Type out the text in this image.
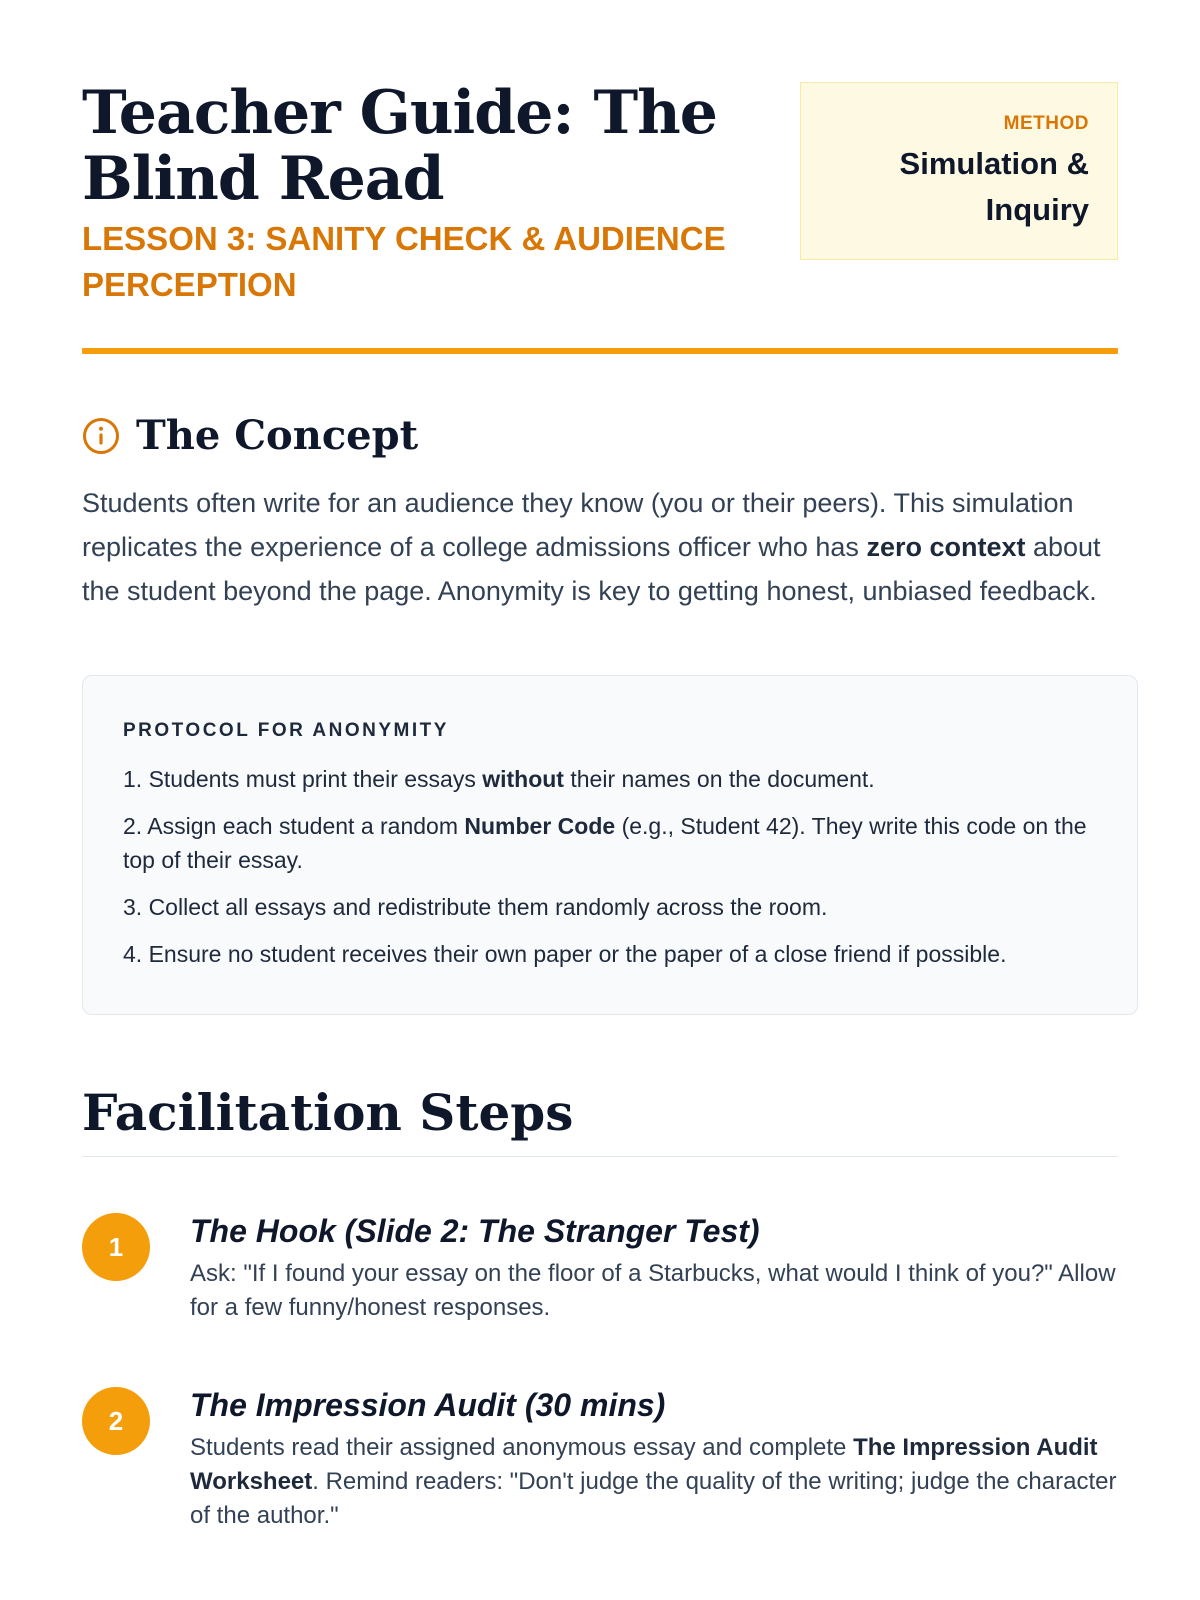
Teacher Guide: The Blind Read
LESSON 3: SANITY CHECK & AUDIENCE PERCEPTION
METHOD
Simulation & Inquiry
The Concept

Students often write for an audience they know (you or their peers). This simulation replicates the experience of a college admissions officer who has zero context about the student beyond the page. Anonymity is key to getting honest, unbiased feedback.

PROTOCOL FOR ANONYMITY
1. Students must print their essays without their names on the document.
2. Assign each student a random Number Code (e.g., Student 42). They write this code on the top of their essay.
3. Collect all essays and redistribute them randomly across the room.
4. Ensure no student receives their own paper or the paper of a close friend if possible.
Facilitation Steps
1	The Hook (Slide 2: The Stranger Test)

Ask: "If I found your essay on the floor of a Starbucks, what would I think of you?" Allow for a few funny/honest responses.

2	The Impression Audit (30 mins)

Students read their assigned anonymous essay and complete The Impression Audit Worksheet. Remind readers: "Don't judge the quality of the writing; judge the character of the author."
